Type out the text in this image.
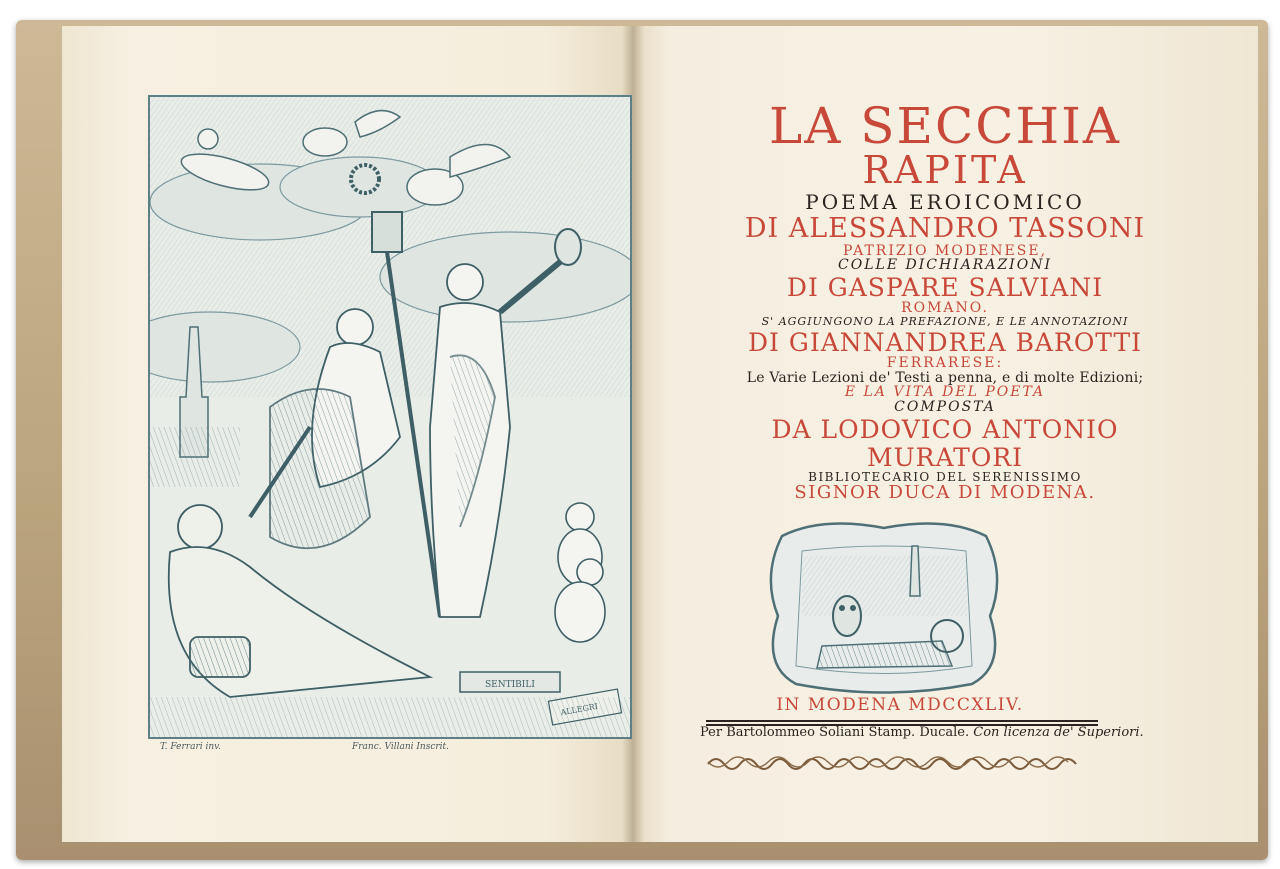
SENTIBILI
T. Ferrari inv.	Franc. Villani Inscrit.
LA SECCHIA
RAPITA
POEMA EROICOMICO
DI ALESSANDRO TASSONI
PATRIZIO MODENESE,
COLLE DICHIARAZIONI
DI GASPARE SALVIANI
ROMANO.
S' AGGIUNGONO LA PREFAZIONE, E LE ANNOTAZIONI
DI GIANNANDREA BAROTTI
FERRARESE:
Le Varie Lezioni de' Testi a penna, e di molte Edizioni;
E LA VITA DEL POETA
COMPOSTA
DA LODOVICO ANTONIO
MURATORI
BIBLIOTECARIO DEL SERENISSIMO
SIGNOR DUCA DI MODENA.
IN MODENA MDCCXLIV.
Per Bartolommeo Soliani Stamp. Ducale. Con licenza de' Superiori.
